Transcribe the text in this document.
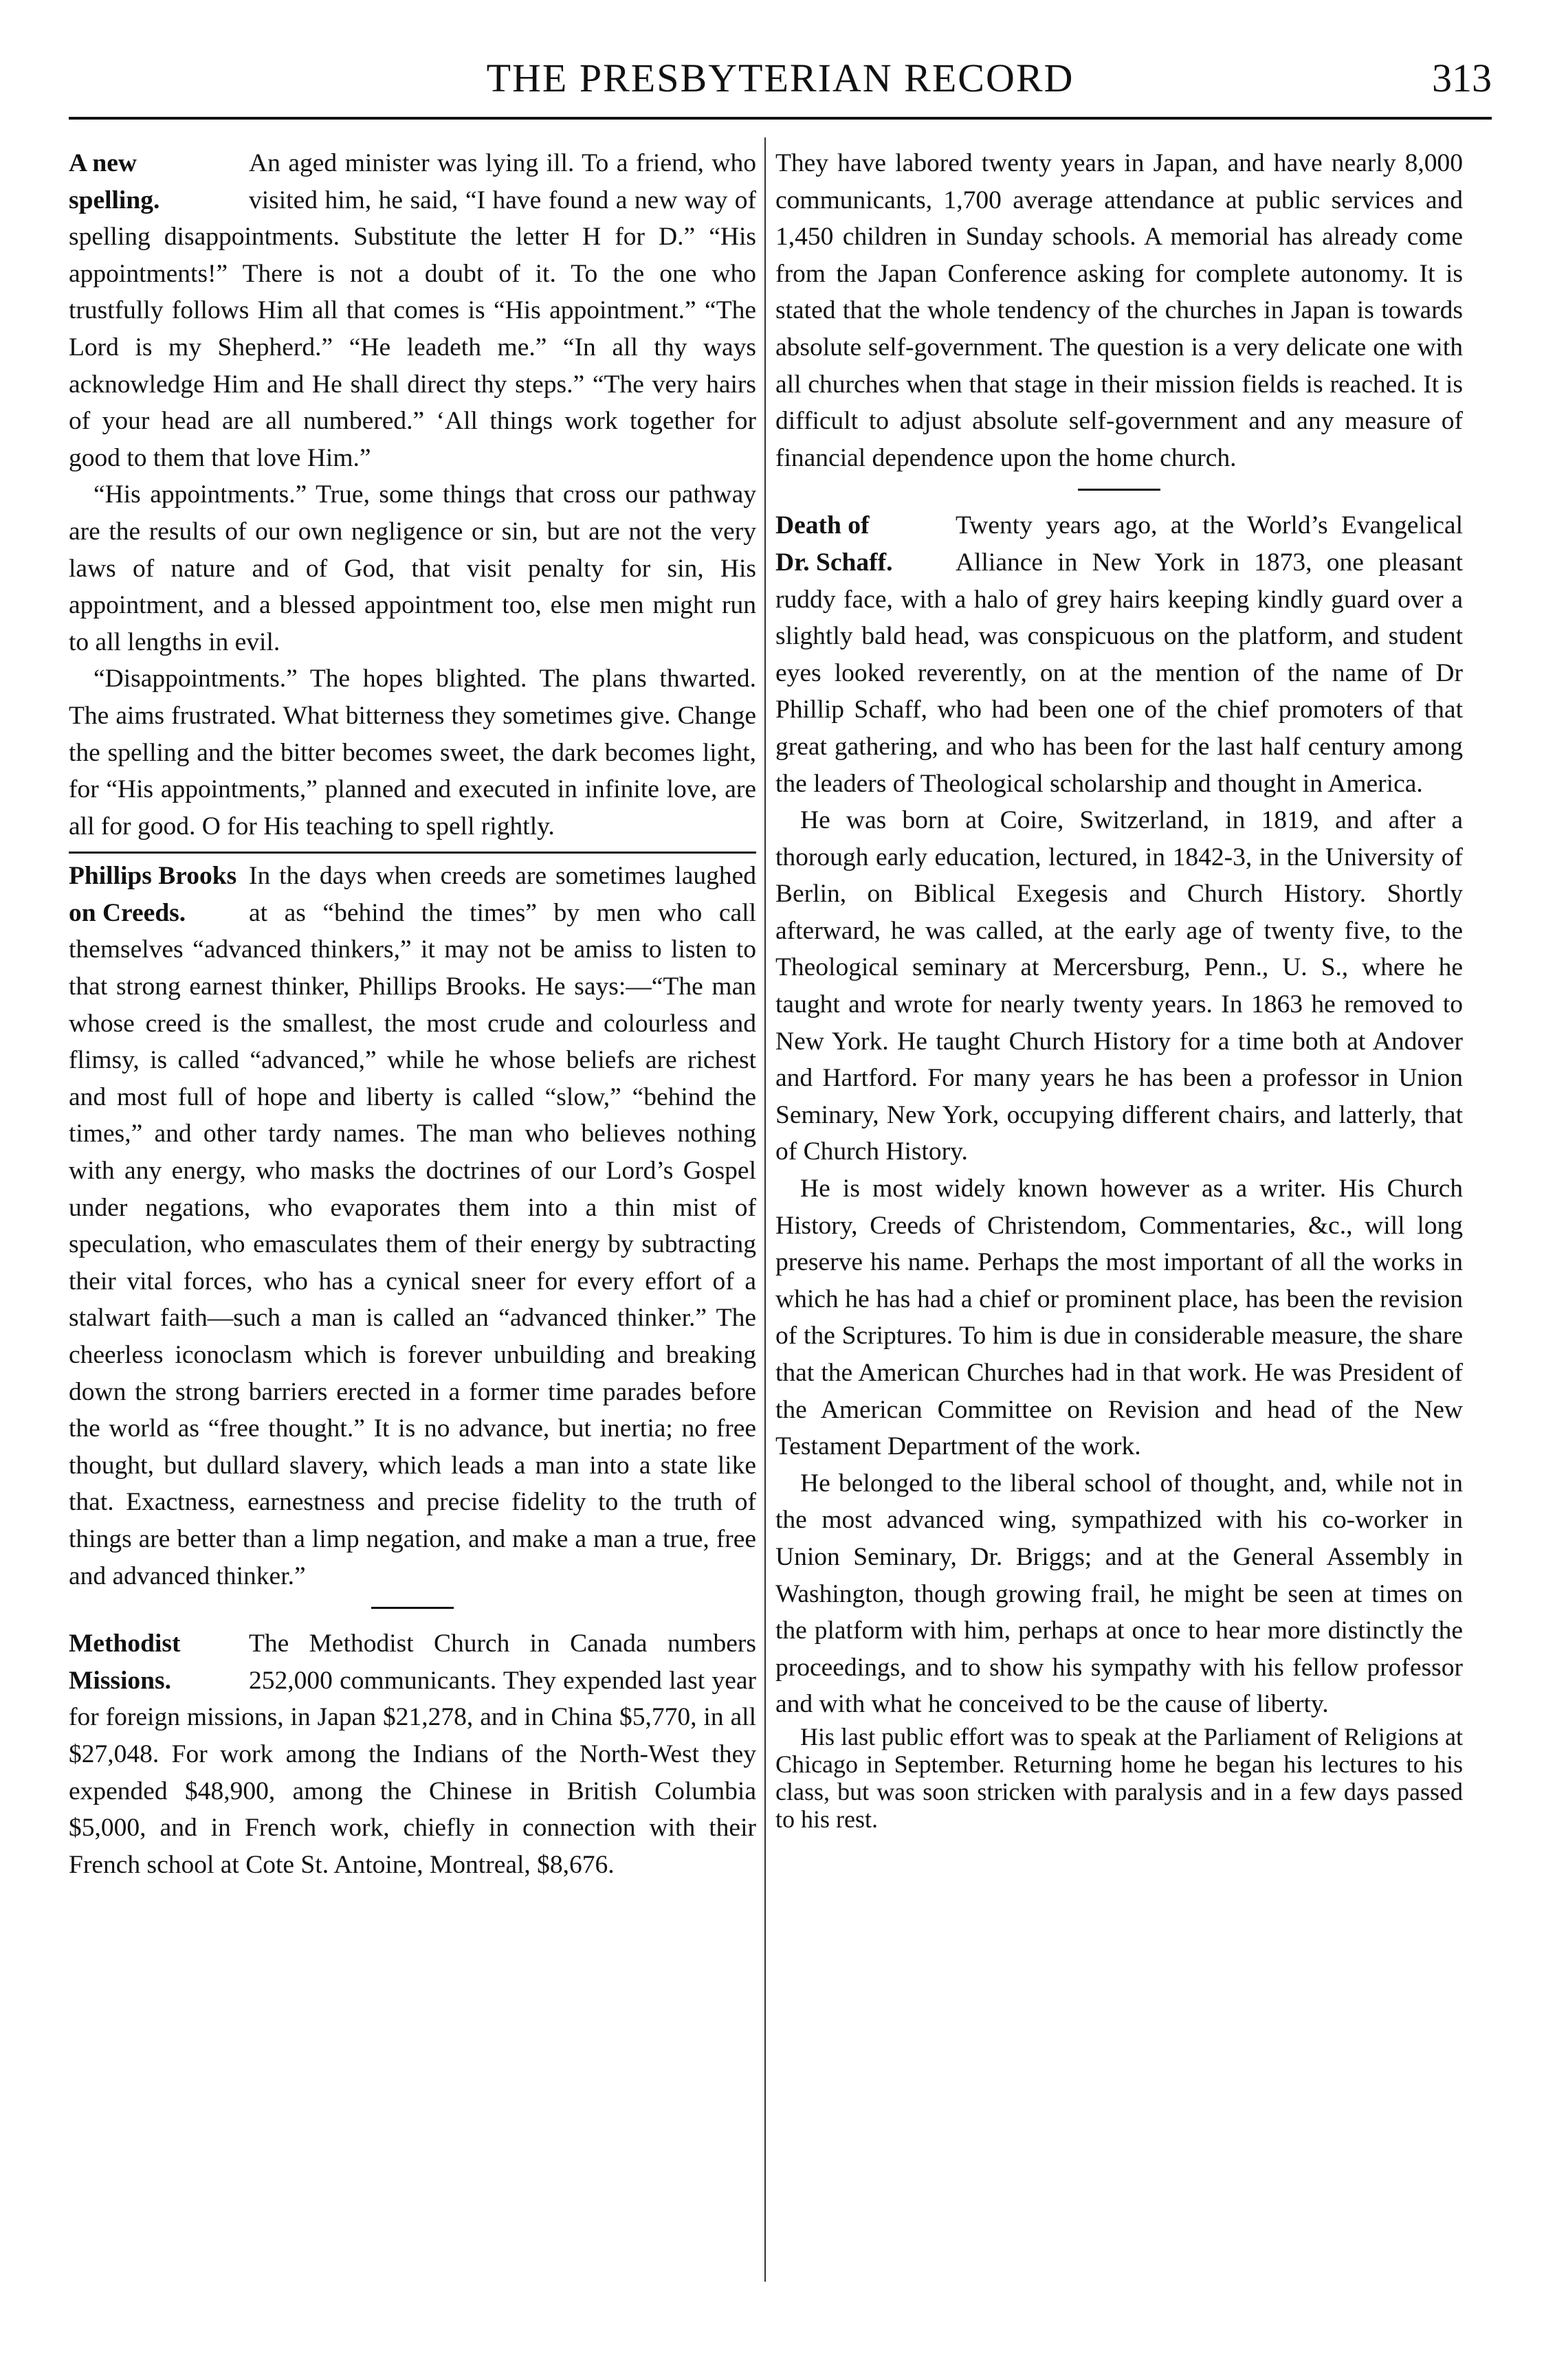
THE PRESBYTERIAN RECORD	313
A new
spelling.

An aged minister was lying ill. To a friend, who visited him, he said, “I have found a new way of spelling disappointments. Substitute the letter H for D.” “His appointments!” There is not a doubt of it. To the one who trustfully follows Him all that comes is “His appointment.” “The Lord is my Shepherd.” “He leadeth me.” “In all thy ways acknowledge Him and He shall direct thy steps.” “The very hairs of your head are all numbered.” ‘All things work together for good to them that love Him.”

“His appointments.” True, some things that cross our pathway are the results of our own negligence or sin, but are not the very laws of nature and of God, that visit penalty for sin, His appointment, and a blessed appointment too, else men might run to all lengths in evil.

“Disappointments.” The hopes blighted. The plans thwarted. The aims frustrated. What bitterness they sometimes give. Change the spelling and the bitter becomes sweet, the dark becomes light, for “His appointments,” planned and executed in infinite love, are all for good. O for His teaching to spell rightly.

Phillips Brooks
on Creeds.

In the days when creeds are sometimes laughed at as “behind the times” by men who call themselves “advanced thinkers,” it may not be amiss to listen to that strong earnest thinker, Phillips Brooks. He says:—“The man whose creed is the smallest, the most crude and colourless and flimsy, is called “advanced,” while he whose beliefs are richest and most full of hope and liberty is called “slow,” “behind the times,” and other tardy names. The man who believes nothing with any energy, who masks the doctrines of our Lord’s Gospel under negations, who evaporates them into a thin mist of speculation, who emasculates them of their energy by subtracting their vital forces, who has a cynical sneer for every effort of a stalwart faith—such a man is called an “advanced thinker.” The cheerless iconoclasm which is forever unbuilding and breaking down the strong barriers erected in a former time parades before the world as “free thought.” It is no advance, but inertia; no free thought, but dullard slavery, which leads a man into a state like that. Exactness, earnestness and precise fidelity to the truth of things are better than a limp negation, and make a man a true, free and advanced thinker.”

Methodist
Missions.

The Methodist Church in Canada numbers 252,000 communicants. They expended last year for foreign missions, in Japan $21,278, and in China $5,770, in all $27,048. For work among the Indians of the North-West they expended $48,900, among the Chinese in British Columbia $5,000, and in French work, chiefly in connection with their French school at Cote St. Antoine, Montreal, $8,676.

They have labored twenty years in Japan, and have nearly 8,000 communicants, 1,700 average attendance at public services and 1,450 children in Sunday schools. A memorial has already come from the Japan Conference asking for complete autonomy. It is stated that the whole tendency of the churches in Japan is towards absolute self-government. The question is a very delicate one with all churches when that stage in their mission fields is reached. It is difficult to adjust absolute self-government and any measure of financial dependence upon the home church.

Death of
Dr. Schaff.

Twenty years ago, at the World’s Evangelical Alliance in New York in 1873, one pleasant ruddy face, with a halo of grey hairs keeping kindly guard over a slightly bald head, was conspicuous on the platform, and student eyes looked reverently, on at the mention of the name of Dr Phillip Schaff, who had been one of the chief promoters of that great gathering, and who has been for the last half century among the leaders of Theological scholarship and thought in America.

He was born at Coire, Switzerland, in 1819, and after a thorough early education, lectured, in 1842-3, in the University of Berlin, on Biblical Exegesis and Church History. Shortly afterward, he was called, at the early age of twenty five, to the Theological seminary at Mercersburg, Penn., U. S., where he taught and wrote for nearly twenty years. In 1863 he removed to New York. He taught Church History for a time both at Andover and Hartford. For many years he has been a professor in Union Seminary, New York, occupying different chairs, and latterly, that of Church History.

He is most widely known however as a writer. His Church History, Creeds of Christendom, Commentaries, &c., will long preserve his name. Perhaps the most important of all the works in which he has had a chief or prominent place, has been the revision of the Scriptures. To him is due in considerable measure, the share that the American Churches had in that work. He was President of the American Committee on Revision and head of the New Testament Department of the work.

He belonged to the liberal school of thought, and, while not in the most advanced wing, sympathized with his co-worker in Union Seminary, Dr. Briggs; and at the General Assembly in Washington, though growing frail, he might be seen at times on the platform with him, perhaps at once to hear more distinctly the proceedings, and to show his sympathy with his fellow professor and with what he conceived to be the cause of liberty.

His last public effort was to speak at the Parliament of Religions at Chicago in September. Returning home he began his lectures to his class, but was soon stricken with paralysis and in a few days passed to his rest.
